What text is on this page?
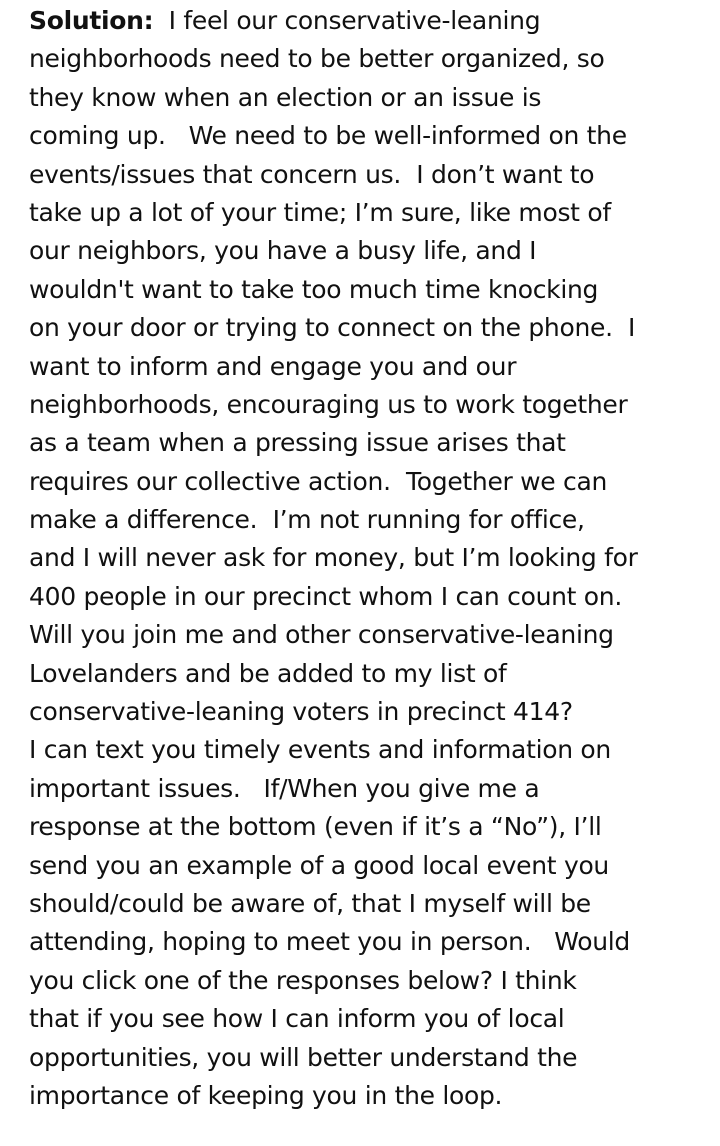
Solution:  I feel our conservative-leaning
neighborhoods need to be better organized, so
they know when an election or an issue is
coming up.   We need to be well-informed on the
events/issues that concern us.  I don’t want to
take up a lot of your time; I’m sure, like most of
our neighbors, you have a busy life, and I
wouldn't want to take too much time knocking
on your door or trying to connect on the phone.  I
want to inform and engage you and our
neighborhoods, encouraging us to work together
as a team when a pressing issue arises that
requires our collective action.  Together we can
make a difference.  I’m not running for office,
and I will never ask for money, but I’m looking for
400 people in our precinct whom I can count on.
Will you join me and other conservative-leaning
Lovelanders and be added to my list of
conservative-leaning voters in precinct 414?
I can text you timely events and information on
important issues.   If/When you give me a
response at the bottom (even if it’s a “No”), I’ll
send you an example of a good local event you
should/could be aware of, that I myself will be
attending, hoping to meet you in person.   Would
you click one of the responses below? I think
that if you see how I can inform you of local
opportunities, you will better understand the
importance of keeping you in the loop.
